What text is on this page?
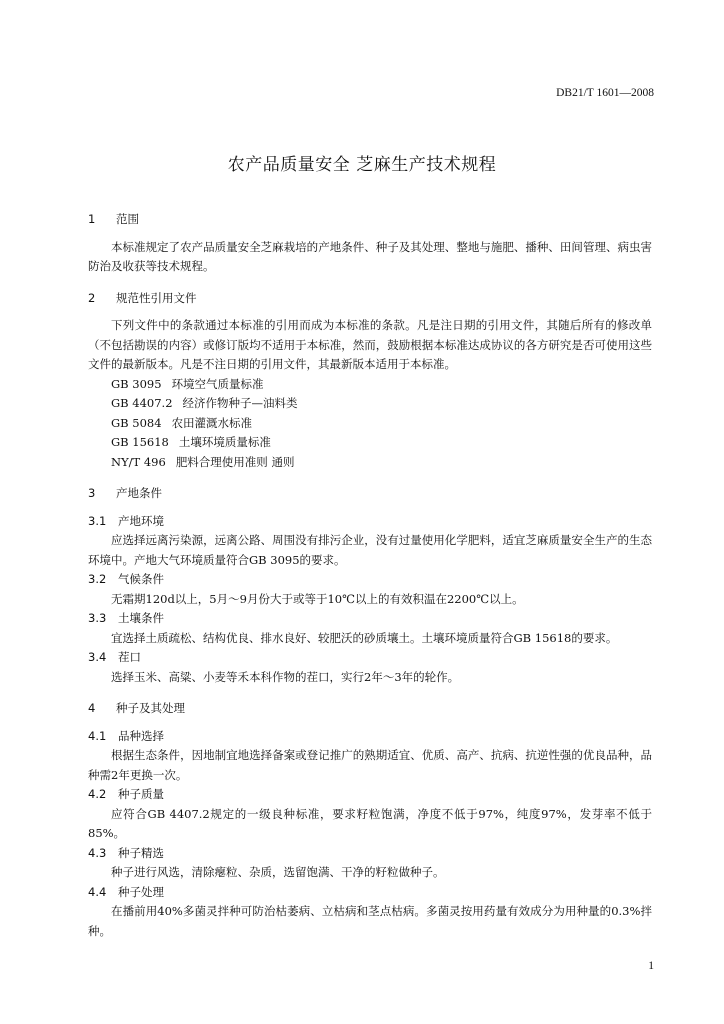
DB21/T 1601—2008
农产品质量安全 芝麻生产技术规程
1 范围

本标准规定了农产品质量安全芝麻栽培的产地条件、种子及其处理、整地与施肥、播种、田间管理、病虫害防治及收获等技术规程。

2 规范性引用文件

下列文件中的条款通过本标准的引用而成为本标准的条款。凡是注日期的引用文件，其随后所有的修改单（不包括勘误的内容）或修订版均不适用于本标准，然而，鼓励根据本标准达成协议的各方研究是否可使用这些文件的最新版本。凡是不注日期的引用文件，其最新版本适用于本标准。

GB 3095 环境空气质量标准

GB 4407.2 经济作物种子—油料类

GB 5084 农田灌溉水标准

GB 15618 土壤环境质量标准

NY/T 496 肥料合理使用准则 通则

3 产地条件
3.1 产地环境

应选择远离污染源，远离公路、周围没有排污企业，没有过量使用化学肥料，适宜芝麻质量安全生产的生态环境中。产地大气环境质量符合GB 3095的要求。

3.2 气候条件

无霜期120d以上，5月～9月份大于或等于10℃以上的有效积温在2200℃以上。

3.3 土壤条件

宜选择土质疏松、结构优良、排水良好、较肥沃的砂质壤土。土壤环境质量符合GB 15618的要求。

3.4 茬口

选择玉米、高粱、小麦等禾本科作物的茬口，实行2年～3年的轮作。

4 种子及其处理
4.1 品种选择

根据生态条件，因地制宜地选择备案或登记推广的熟期适宜、优质、高产、抗病、抗逆性强的优良品种，品种需2年更换一次。

4.2 种子质量

应符合GB 4407.2规定的一级良种标准，要求籽粒饱满，净度不低于97%，纯度97%，发芽率不低于85%。

4.3 种子精选

种子进行风选，清除瘪粒、杂质，选留饱满、干净的籽粒做种子。

4.4 种子处理

在播前用40%多菌灵拌种可防治枯萎病、立枯病和茎点枯病。多菌灵按用药量有效成分为用种量的0.3%拌种。

1
